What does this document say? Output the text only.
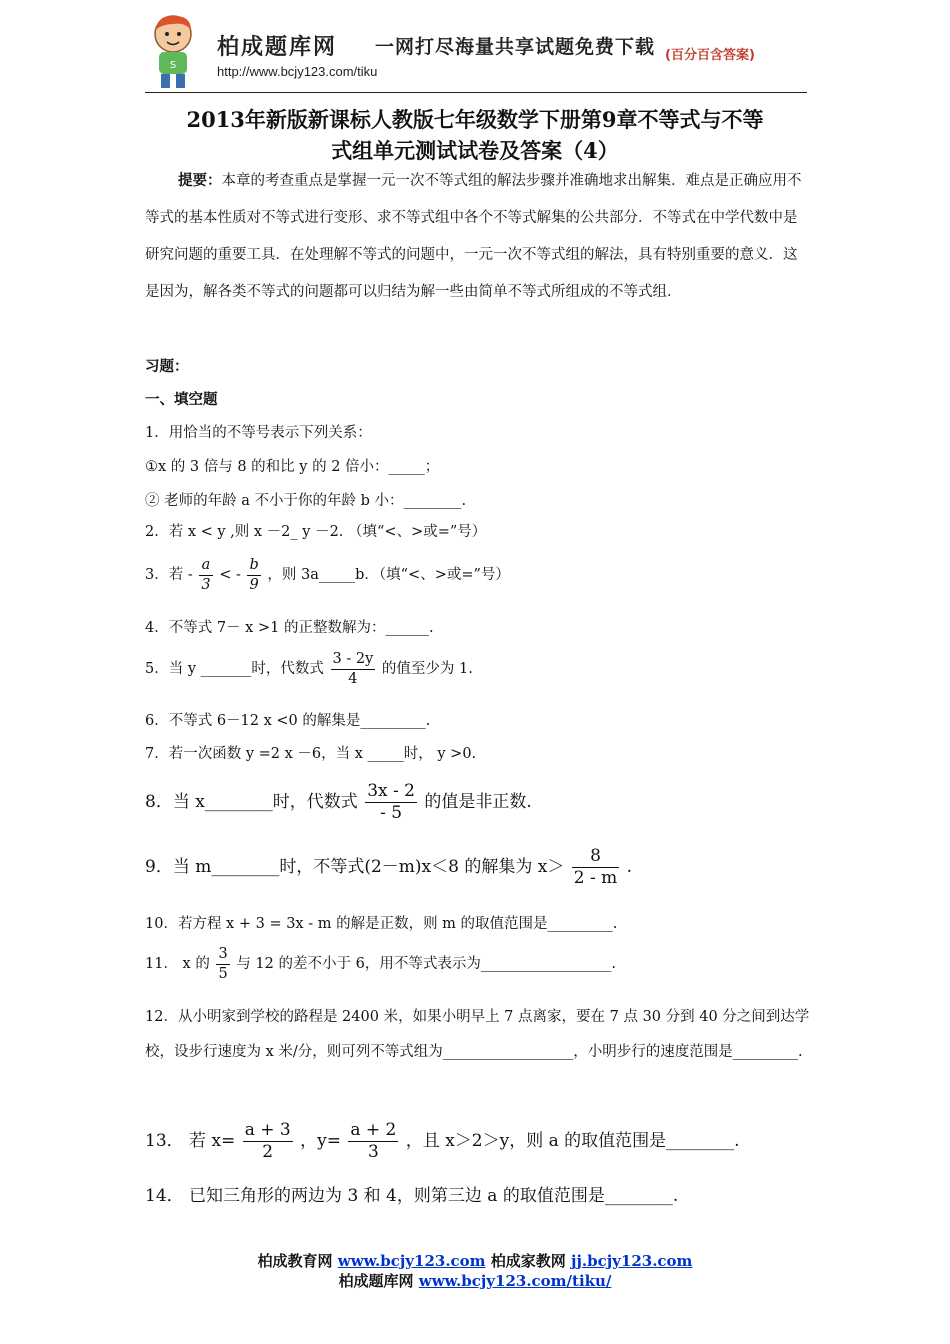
S
柏成题库网 一网打尽海量共享试题免费下载 (百分百含答案)
http://www.bcjy123.com/tiku
2013年新版新课标人教版七年级数学下册第9章不等式与不等
式组单元测试试卷及答案（4）
提要：本章的考查重点是掌握一元一次不等式组的解法步骤并准确地求出解集．难点是正确应用不等式的基本性质对不等式进行变形、求不等式组中各个不等式解集的公共部分．不等式在中学代数中是研究问题的重要工具．在处理解不等式的问题中，一元一次不等式组的解法，具有特别重要的意义．这是因为，解各类不等式的问题都可以归结为解一些由简单不等式所组成的不等式组．
习题：
一、填空题
1．用恰当的不等号表示下列关系：
①x 的 3 倍与 8 的和比 y 的 2 倍小：_____；
② 老师的年龄 a 不小于你的年龄 b 小：________.
2．若 x < y ,则 x －2_ y －2. （填“<、>或=”号）
3．若 - $\frac{a}{3}$ < - $\frac{b}{9}$ ，则 3a_____b．（填“<、>或=”号）
4．不等式 7－ x >1 的正整数解为：______.
5．当 y _______时，代数式 $\frac{3 - 2y}{4}$ 的值至少为 1.
6．不等式 6－12 x <0 的解集是_________.
7．若一次函数 y =2 x －6，当 x _____时， y >0.
8．当 x________时，代数式 $\frac{3x - 2}{- 5}$ 的值是非正数.
9．当 m________时，不等式(2－m)x＜8 的解集为 $x> \frac{8}{2 - m}$ .
10．若方程 x + 3 = 3x - m 的解是正数，则 m 的取值范围是_________.
11． x 的 $\frac{3}{5}$ 与 12 的差不小于 6，用不等式表示为__________________.
12．从小明家到学校的路程是 2400 米，如果小明早上 7 点离家，要在 7 点 30 分到 40 分之间到达学校，设步行速度为 x 米/分，则可列不等式组为__________________，小明步行的速度范围是_________.
13． 若 $x= \frac{a + 3}{2}$ ，$y= \frac{a + 2}{3}$ ，且 x＞2＞y，则 a 的取值范围是________.
14． 已知三角形的两边为 3 和 4，则第三边 a 的取值范围是________.
柏成教育网 www.bcjy123.com 柏成家教网 jj.bcjy123.com
柏成题库网 www.bcjy123.com/tiku/
